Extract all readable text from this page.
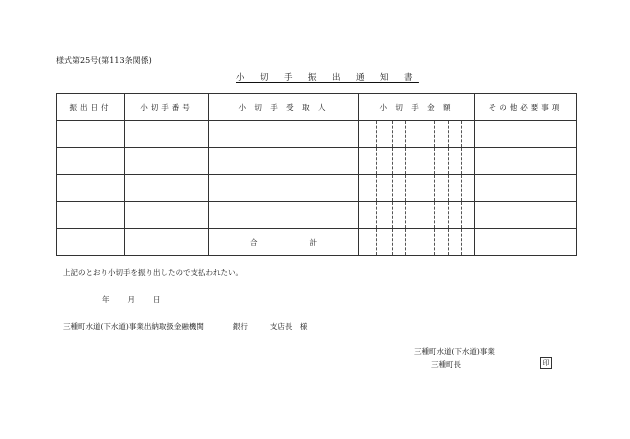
様式第25号(第113条関係)
小 切 手 振 出 通 知 書
振出日付	小切手番号	小 切 手 受 取 人	小 切 手 金 額	その他必要事項

		合 計	

上記のとおり小切手を振り出したので支払われたい。
年 月 日
三種町水道(下水道)事業出納取扱金融機関	銀行	支店長　様
三種町水道(下水道)事業
三種町長	印
